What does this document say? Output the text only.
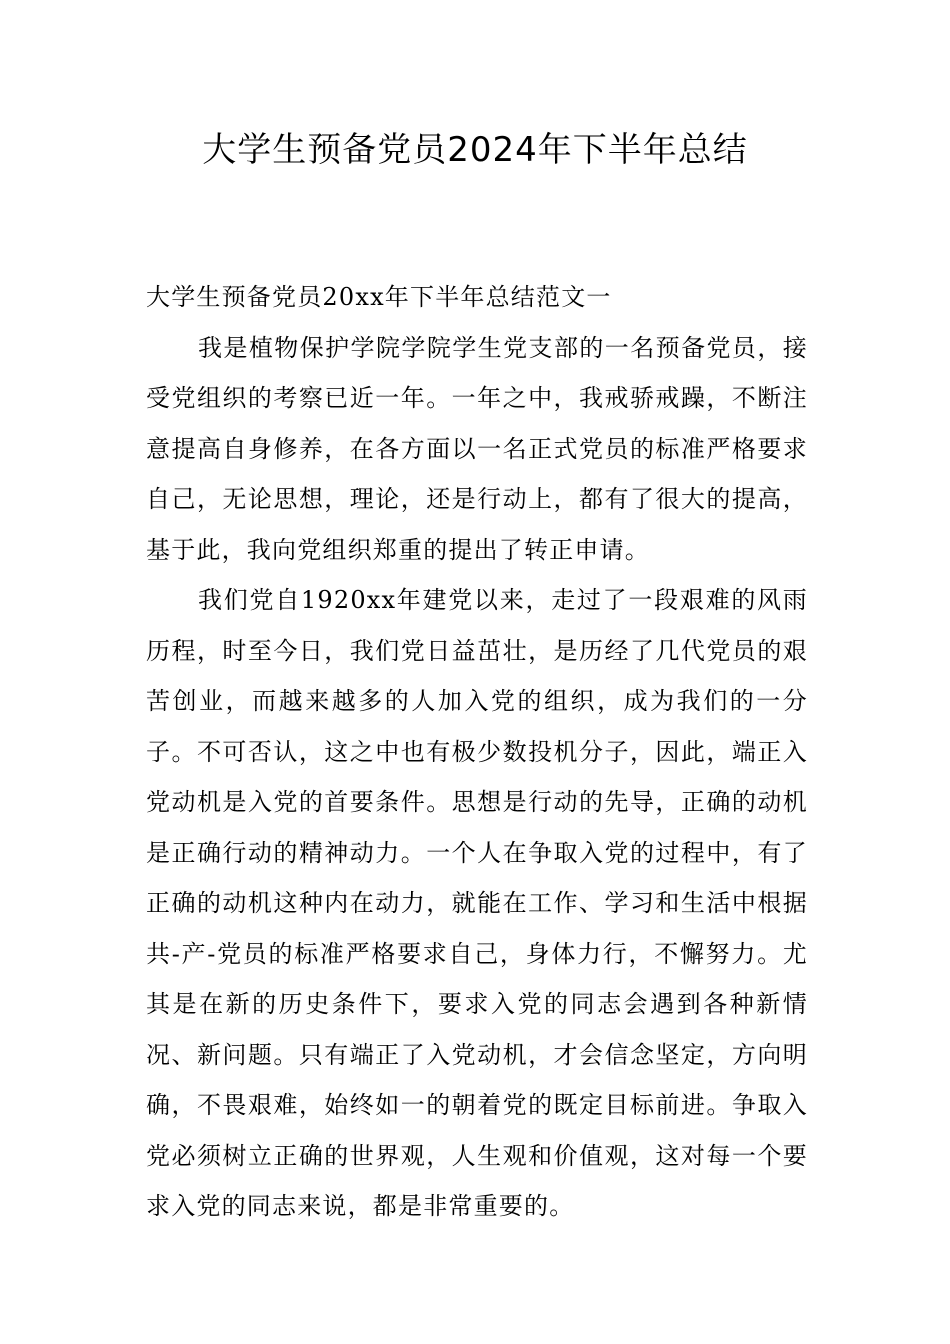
大学生预备党员2024年下半年总结

大学生预备党员20xx年下半年总结范文一

我是植物保护学院学院学生党支部的一名预备党员，接受党组织的考察已近一年。一年之中，我戒骄戒躁，不断注意提高自身修养，在各方面以一名正式党员的标准严格要求自己，无论思想，理论，还是行动上，都有了很大的提高，基于此，我向党组织郑重的提出了转正申请。

我们党自1920xx年建党以来，走过了一段艰难的风雨历程，时至今日，我们党日益茁壮，是历经了几代党员的艰苦创业，而越来越多的人加入党的组织，成为我们的一分子。不可否认，这之中也有极少数投机分子，因此，端正入党动机是入党的首要条件。思想是行动的先导，正确的动机是正确行动的精神动力。一个人在争取入党的过程中，有了正确的动机这种内在动力，就能在工作、学习和生活中根据共-产-党员的标准严格要求自己，身体力行，不懈努力。尤其是在新的历史条件下，要求入党的同志会遇到各种新情况、新问题。只有端正了入党动机，才会信念坚定，方向明确，不畏艰难，始终如一的朝着党的既定目标前进。争取入党必须树立正确的世界观，人生观和价值观，这对每一个要求入党的同志来说，都是非常重要的。
